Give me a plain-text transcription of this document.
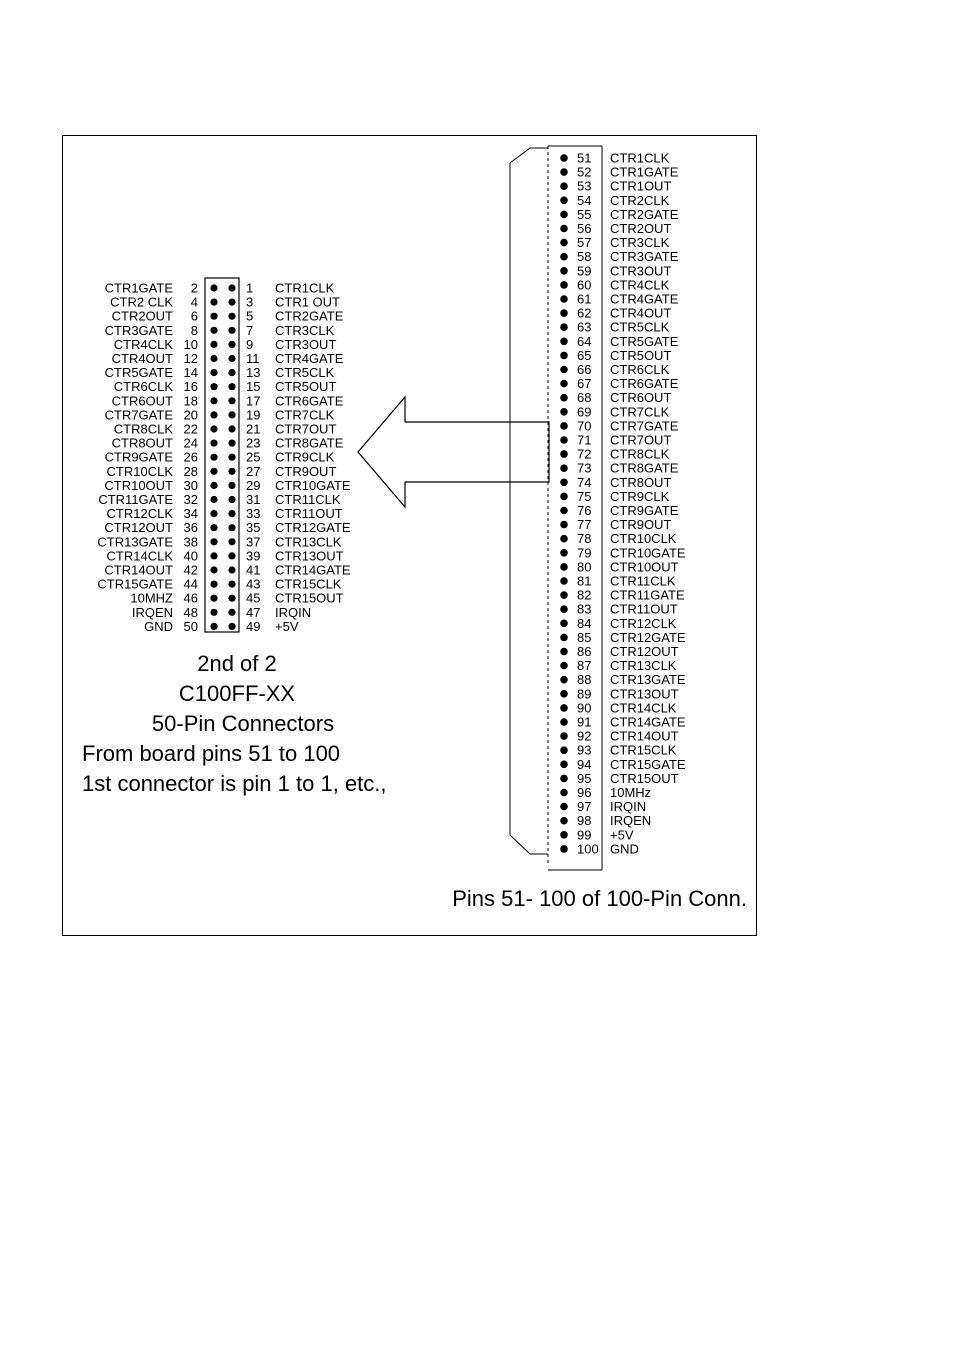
CTR1GATE 2	1 CTR1CLK
CTR2 CLK 4	3 CTR1 OUT
CTR2OUT 6	5 CTR2GATE
CTR3GATE 8	7 CTR3CLK
CTR4CLK 10	9 CTR3OUT
CTR4OUT 12	11 CTR4GATE
CTR5GATE 14	13 CTR5CLK
CTR6CLK 16	15 CTR5OUT
CTR6OUT 18	17 CTR6GATE
CTR7GATE 20	19 CTR7CLK
CTR8CLK 22	21 CTR7OUT
CTR8OUT 24	23 CTR8GATE
CTR9GATE 26	25 CTR9CLK
CTR10CLK 28	27 CTR9OUT
CTR10OUT 30	29 CTR10GATE
CTR11GATE 32	31 CTR11CLK
CTR12CLK 34	33 CTR11OUT
CTR12OUT 36	35 CTR12GATE
CTR13GATE 38	37 CTR13CLK
CTR14CLK 40	39 CTR13OUT
CTR14OUT 42	41 CTR14GATE
CTR15GATE 44	43 CTR15CLK
10MHZ 46	45 CTR15OUT
IRQEN 48	47 IRQIN
GND 50	49 +5V
51 CTR1CLK
52 CTR1GATE
53 CTR1OUT
54 CTR2CLK
55 CTR2GATE
56 CTR2OUT
57 CTR3CLK
58 CTR3GATE
59 CTR3OUT
60 CTR4CLK
61 CTR4GATE
62 CTR4OUT
63 CTR5CLK
64 CTR5GATE
65 CTR5OUT
66 CTR6CLK
67 CTR6GATE
68 CTR6OUT
69 CTR7CLK
70 CTR7GATE
71 CTR7OUT
72 CTR8CLK
73 CTR8GATE
74 CTR8OUT
75 CTR9CLK
76 CTR9GATE
77 CTR9OUT
78 CTR10CLK
79 CTR10GATE
80 CTR10OUT
81 CTR11CLK
82 CTR11GATE
83 CTR11OUT
84 CTR12CLK
85 CTR12GATE
86 CTR12OUT
87 CTR13CLK
88 CTR13GATE
89 CTR13OUT
90 CTR14CLK
91 CTR14GATE
92 CTR14OUT
93 CTR15CLK
94 CTR15GATE
95 CTR15OUT
96 10MHz
97 IRQIN
98 IRQEN
99 +5V
100 GND
2nd of 2
C100FF-XX
50-Pin Connectors
From board pins 51 to 100
1st connector is pin 1 to 1, etc.,
Pins 51- 100 of 100-Pin Conn.
